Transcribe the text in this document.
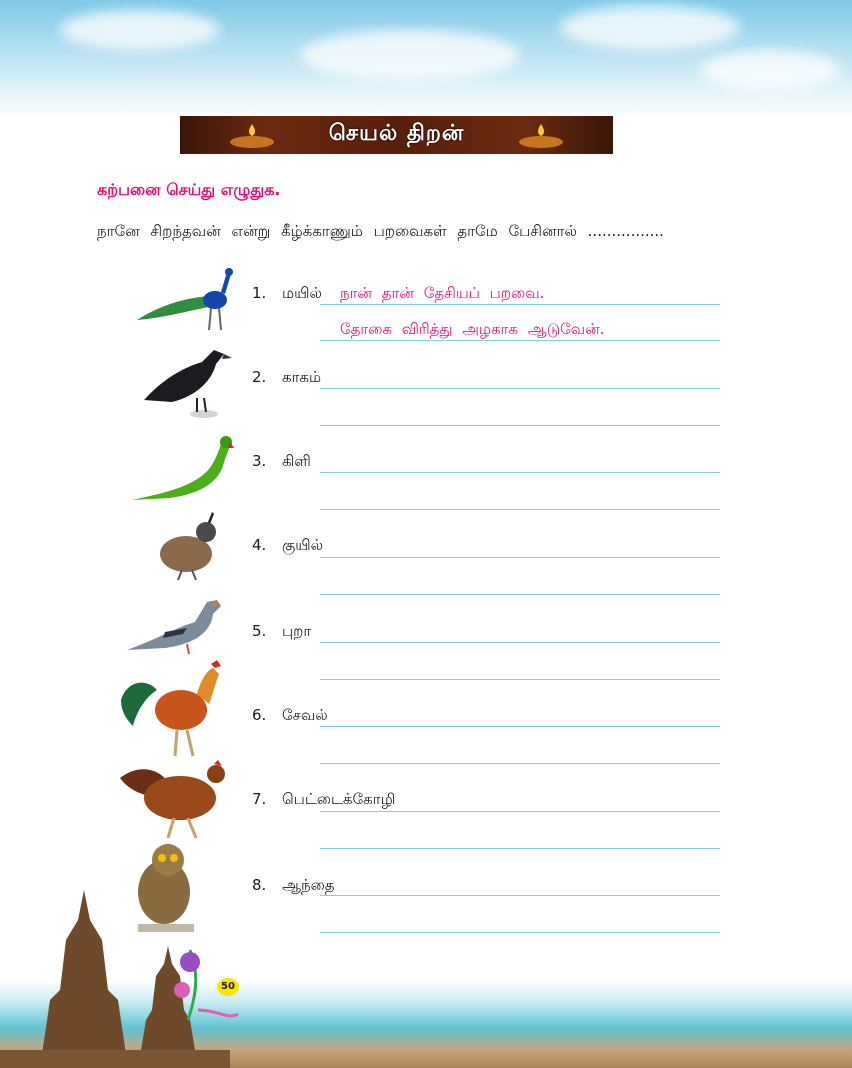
செயல் திறன்
கற்பனை செய்து எழுதுக.
நானே சிறந்தவன் என்று கீழ்க்காணும் பறவைகள் தாமே பேசினால் ................
1. மயில் நான் தான் தேசியப் பறவை.
தோகை விரித்து அழகாக ஆடுவேன்.
2. காகம்
3. கிளி
4. குயில்
5. புறா
6. சேவல்
7. பெட்டைக்கோழி
8. ஆந்தை
50
